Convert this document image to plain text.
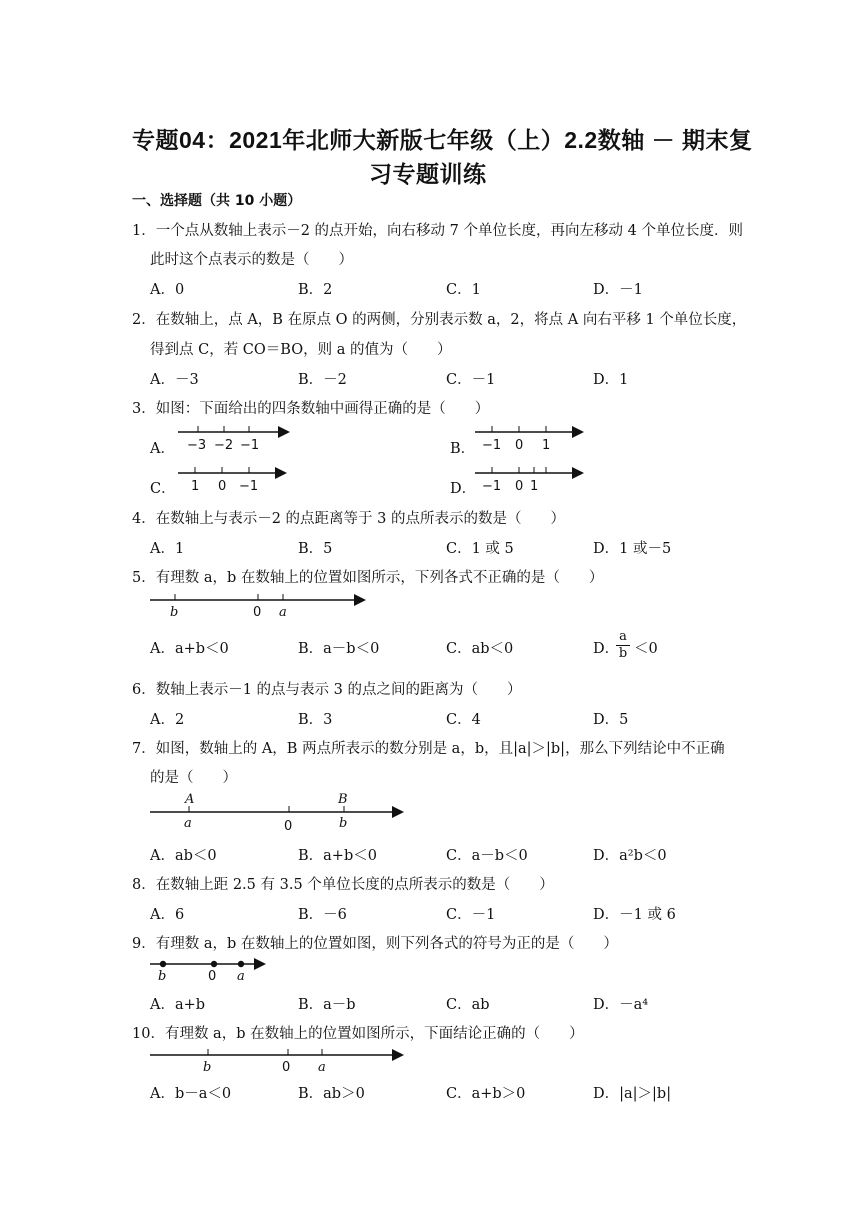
专题04：2021年北师大新版七年级（上）2.2数轴 － 期末复
习专题训练
一、选择题（共 10 小题）
1．一个点从数轴上表示－2 的点开始，向右移动 7 个单位长度，再向左移动 4 个单位长度．则
此时这个点表示的数是（　　）
A．0	B．2	C．1	D．－1
2．在数轴上，点 A，B 在原点 O 的两侧，分别表示数 a，2，将点 A 向右平移 1 个单位长度，
得到点 C，若 CO＝BO，则 a 的值为（　　）
A．－3	B．－2	C．－1	D．1
3．如图：下面给出的四条数轴中画得正确的是（　　）
A． −3 −2 −1	B． −1 0 1
C． 1 0 −1	D． −1 0 1
4．在数轴上与表示－2 的点距离等于 3 的点所表示的数是（　　）
A．1	B．5	C．1 或 5	D．1 或－5
5．有理数 a，b 在数轴上的位置如图所示，下列各式不正确的是（　　）
b	0 a
A．a+b＜0	B．a－b＜0	C．ab＜0	D．
a
b ＜0
6．数轴上表示－1 的点与表示 3 的点之间的距离为（　　）
A．2	B．3	C．4	D．5
7．如图，数轴上的 A，B 两点所表示的数分别是 a，b，且|a|＞|b|，那么下列结论中不正确
的是（　　）
A
a	0
B
b
A．ab＜0	B．a+b＜0	C．a－b＜0	D．a²b＜0
8．在数轴上距 2.5 有 3.5 个单位长度的点所表示的数是（　　）
A．6	B．－6	C．－1	D．－1 或 6
9．有理数 a，b 在数轴上的位置如图，则下列各式的符号为正的是（　　）
b	0 a
A．a+b	B．a－b	C．ab	D．－a⁴
10．有理数 a，b 在数轴上的位置如图所示，下面结论正确的（　　）
b	0 a
A．b－a＜0	B．ab＞0	C．a+b＞0	D．|a|＞|b|
